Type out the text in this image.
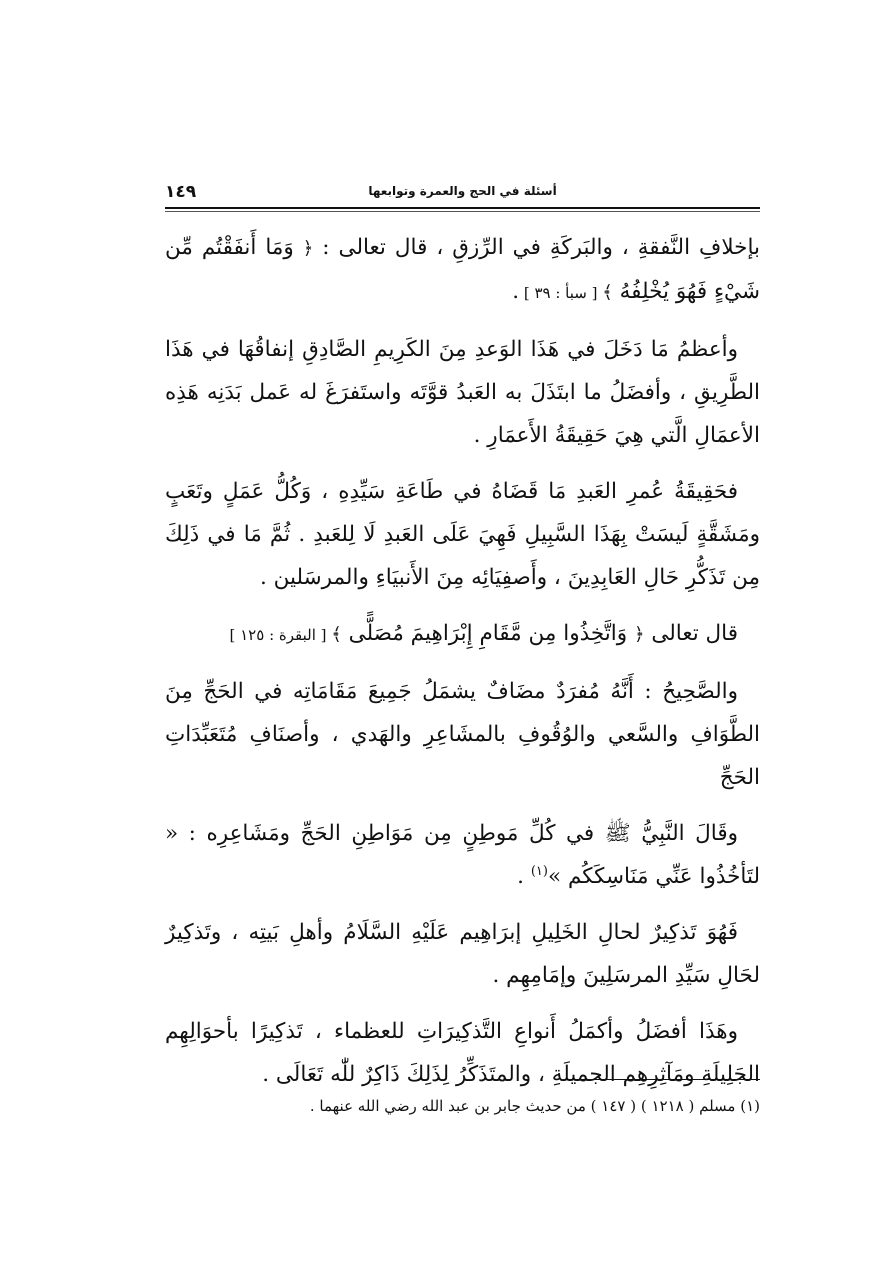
١٤٩	أسئلة في الحج والعمرة وتوابعها

بإخلافِ النَّفقةِ ، والبَركَةِ في الرِّزقِ ، قال تعالى : ﴿ وَمَا أَنفَقْتُم مِّن شَيْءٍ فَهُوَ يُخْلِفُهُ ﴾ [ سبأ : ٣٩ ] .

وأعظمُ مَا دَخَلَ في هَذَا الوَعدِ مِنَ الكَرِيمِ الصَّادِقِ إنفاقُهَا في هَذَا الطَّرِيقِ ، وأفضَلُ ما ابتَذَلَ به العَبدُ قوَّتَه واستَفرَغَ له عَمل بَدَنِه هَذِه الأعمَالِ الَّتي هِيَ حَقِيقَةُ الأَعمَارِ .

فحَقِيقَةُ عُمرِ العَبدِ مَا قَضَاهُ في طَاعَةِ سَيِّدِهِ ، وَكُلُّ عَمَلٍ وتَعَبٍ ومَشَقَّةٍ لَيسَتْ بِهَذَا السَّبِيلِ فَهِيَ عَلَى العَبدِ لَا لِلعَبدِ . ثُمَّ مَا في ذَلِكَ مِن تَذَكُّرِ حَالِ العَابِدِينَ ، وأَصفِيَائِه مِنَ الأَنبيَاءِ والمرسَلين .

قال تعالى ﴿ وَاتَّخِذُوا مِن مَّقَامِ إِبْرَاهِيمَ مُصَلًّى ﴾ [ البقرة : ١٢٥ ]

والصَّحِيحُ : أَنَّهُ مُفرَدٌ مضَافٌ يشمَلُ جَمِيعَ مَقَامَاتِه في الحَجِّ مِنَ الطَّوَافِ والسَّعي والوُقُوفِ بالمشَاعِرِ والهَدي ، وأصنَافِ مُتَعَبِّدَاتِ الحَجِّ

وقَالَ النَّبِيُّ ﷺ في كُلِّ مَوطِنٍ مِن مَوَاطِنِ الحَجِّ ومَشَاعِرِه : « لتَأخُذُوا عَنِّي مَنَاسِكَكُم »$^{(١)}$ .

فَهُوَ تَذكِيرٌ لحالِ الخَلِيلِ إبرَاهِيم عَلَيْهِ السَّلَامُ وأهلِ بَيتِه ، وتَذكِيرٌ لحَالِ سَيِّدِ المرسَلِينَ وإمَامِهِم .

وهَذَا أفضَلُ وأكمَلُ أَنواعِ التَّذكِيرَاتِ للعظماء ، تَذكِيرًا بأحوَالِهِم الجَلِيلَةِ ومَآثِرِهِم الجميلَةِ ، والمتَذَكِّرُ لِذَلِكَ ذَاكِرٌ للّٰه تَعَالَى .

(١) مسلم ( ١٢١٨ ) ( ١٤٧ ) من حديث جابر بن عبد الله رضي الله عنهما .
